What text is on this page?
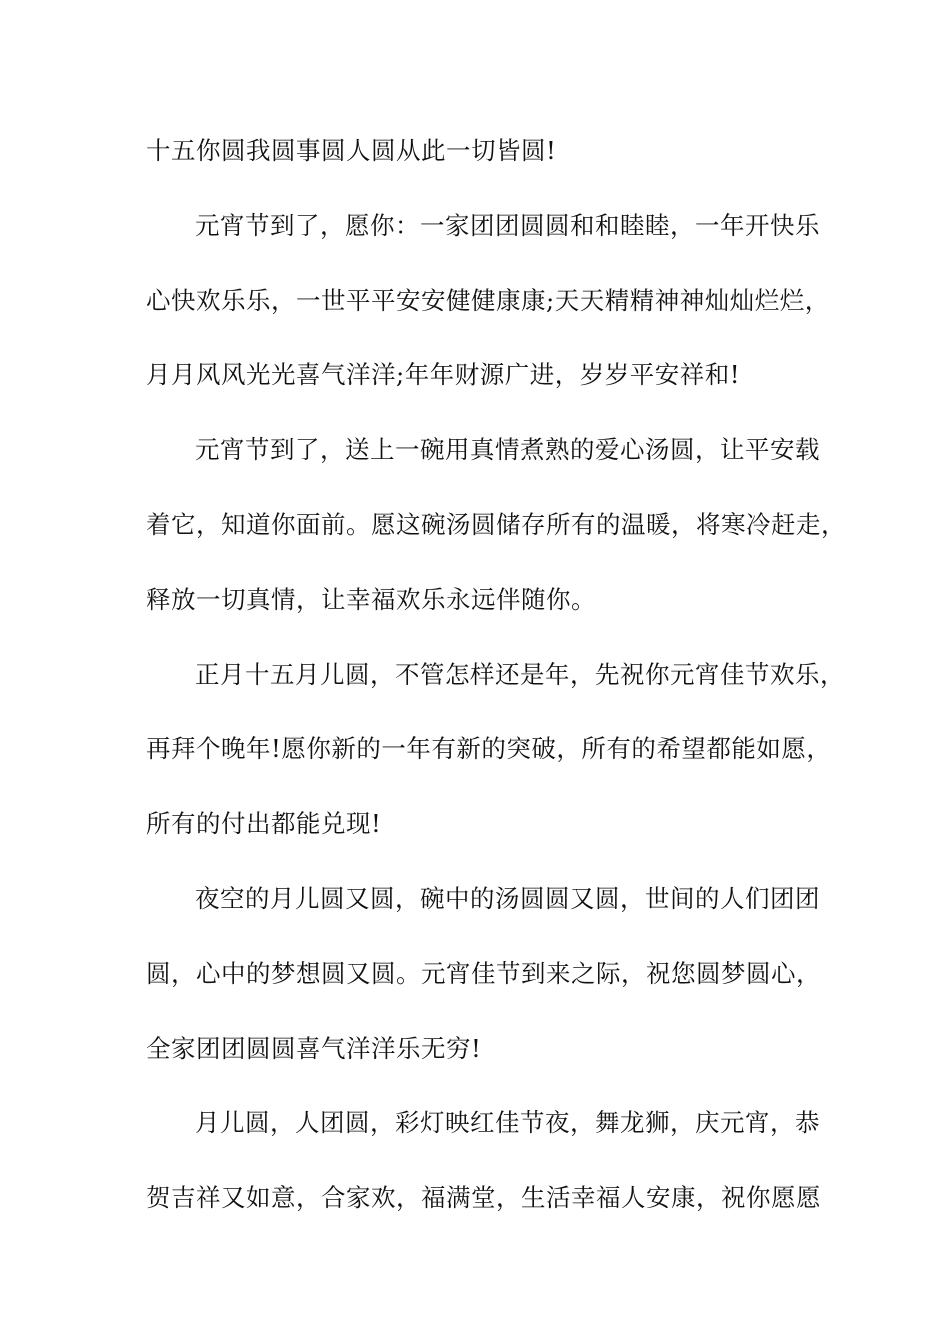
十五你圆我圆事圆人圆从此一切皆圆!
元宵节到了，愿你：一家团团圆圆和和睦睦，一年开快乐
心快欢乐乐，一世平平安安健健康康;天天精精神神灿灿烂烂，
月月风风光光喜气洋洋;年年财源广进，岁岁平安祥和!
元宵节到了，送上一碗用真情煮熟的爱心汤圆，让平安载
着它，知道你面前。愿这碗汤圆储存所有的温暖，将寒冷赶走，
释放一切真情，让幸福欢乐永远伴随你。
正月十五月儿圆，不管怎样还是年，先祝你元宵佳节欢乐，
再拜个晚年!愿你新的一年有新的突破，所有的希望都能如愿，
所有的付出都能兑现!
夜空的月儿圆又圆，碗中的汤圆圆又圆，世间的人们团团
圆，心中的梦想圆又圆。元宵佳节到来之际，祝您圆梦圆心，
全家团团圆圆喜气洋洋乐无穷!
月儿圆，人团圆，彩灯映红佳节夜，舞龙狮，庆元宵，恭
贺吉祥又如意，合家欢，福满堂，生活幸福人安康，祝你愿愿
